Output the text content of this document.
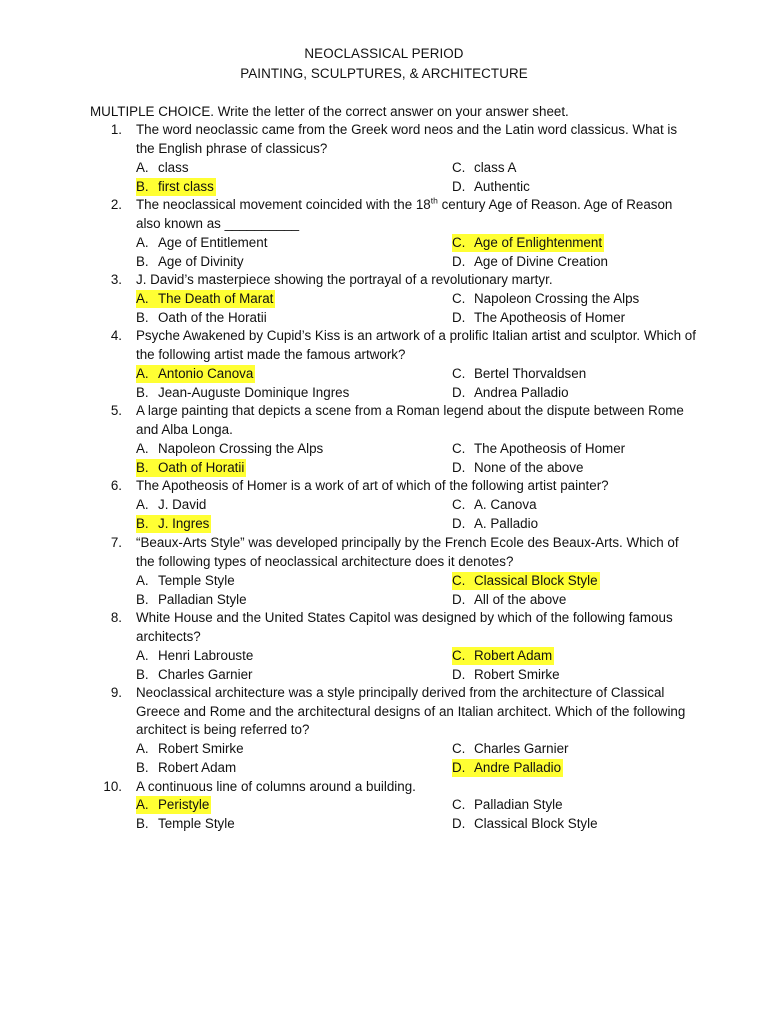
NEOCLASSICAL PERIOD
PAINTING, SCULPTURES, & ARCHITECTURE
MULTIPLE CHOICE. Write the letter of the correct answer on your answer sheet.
1. The word neoclassic came from the Greek word neos and the Latin word classicus. What is the English phrase of classicus?
A. class
B. first class
C. class A
D. Authentic
2. The neoclassical movement coincided with the 18th century Age of Reason. Age of Reason also known as __________
A. Age of Entitlement
B. Age of Divinity
C. Age of Enlightenment
D. Age of Divine Creation
3. J. David’s masterpiece showing the portrayal of a revolutionary martyr.
A. The Death of Marat
B. Oath of the Horatii
C. Napoleon Crossing the Alps
D. The Apotheosis of Homer
4. Psyche Awakened by Cupid’s Kiss is an artwork of a prolific Italian artist and sculptor. Which of the following artist made the famous artwork?
A. Antonio Canova
B. Jean-Auguste Dominique Ingres
C. Bertel Thorvaldsen
D. Andrea Palladio
5. A large painting that depicts a scene from a Roman legend about the dispute between Rome and Alba Longa.
A. Napoleon Crossing the Alps
B. Oath of Horatii
C. The Apotheosis of Homer
D. None of the above
6. The Apotheosis of Homer is a work of art of which of the following artist painter?
A. J. David
B. J. Ingres
C. A. Canova
D. A. Palladio
7. “Beaux-Arts Style” was developed principally by the French Ecole des Beaux-Arts. Which of the following types of neoclassical architecture does it denotes?
A. Temple Style
B. Palladian Style
C. Classical Block Style
D. All of the above
8. White House and the United States Capitol was designed by which of the following famous architects?
A. Henri Labrouste
B. Charles Garnier
C. Robert Adam
D. Robert Smirke
9. Neoclassical architecture was a style principally derived from the architecture of Classical Greece and Rome and the architectural designs of an Italian architect. Which of the following architect is being referred to?
A. Robert Smirke
B. Robert Adam
C. Charles Garnier
D. Andre Palladio
10. A continuous line of columns around a building.
A. Peristyle
B. Temple Style
C. Palladian Style
D. Classical Block Style
